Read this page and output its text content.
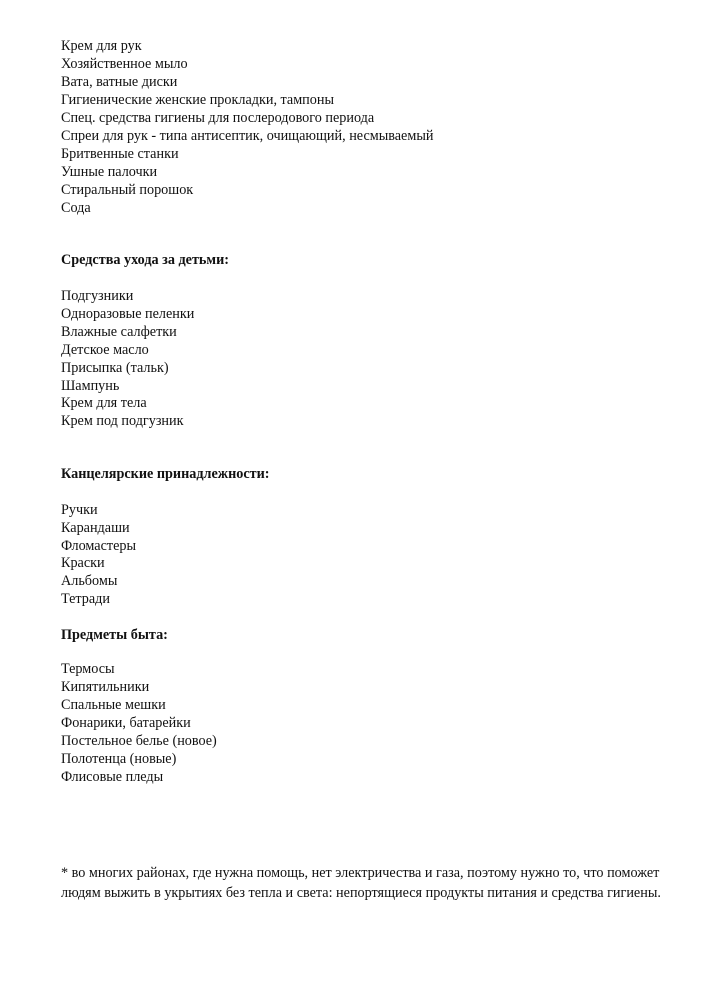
Крем для рук
Хозяйственное мыло
Вата, ватные диски
Гигиенические женские прокладки, тампоны
Спец. средства гигиены для послеродового периода
Спреи для рук - типа антисептик, очищающий, несмываемый
Бритвенные станки
Ушные палочки
Стиральный порошок
Сода
Средства ухода за детьми:
Подгузники
Одноразовые пеленки
Влажные салфетки
Детское масло
Присыпка (тальк)
Шампунь
Крем для тела
Крем под подгузник
Канцелярские принадлежности:
Ручки
Карандаши
Фломастеры
Краски
Альбомы
Тетради
Предметы быта:
Термосы
Кипятильники
Спальные мешки
Фонарики, батарейки
Постельное белье (новое)
Полотенца (новые)
Флисовые пледы

* во многих районах, где нужна помощь, нет электричества и газа, поэтому нужно то, что поможет людям выжить в укрытиях без тепла и света: непортящиеся продукты питания и средства гигиены.
